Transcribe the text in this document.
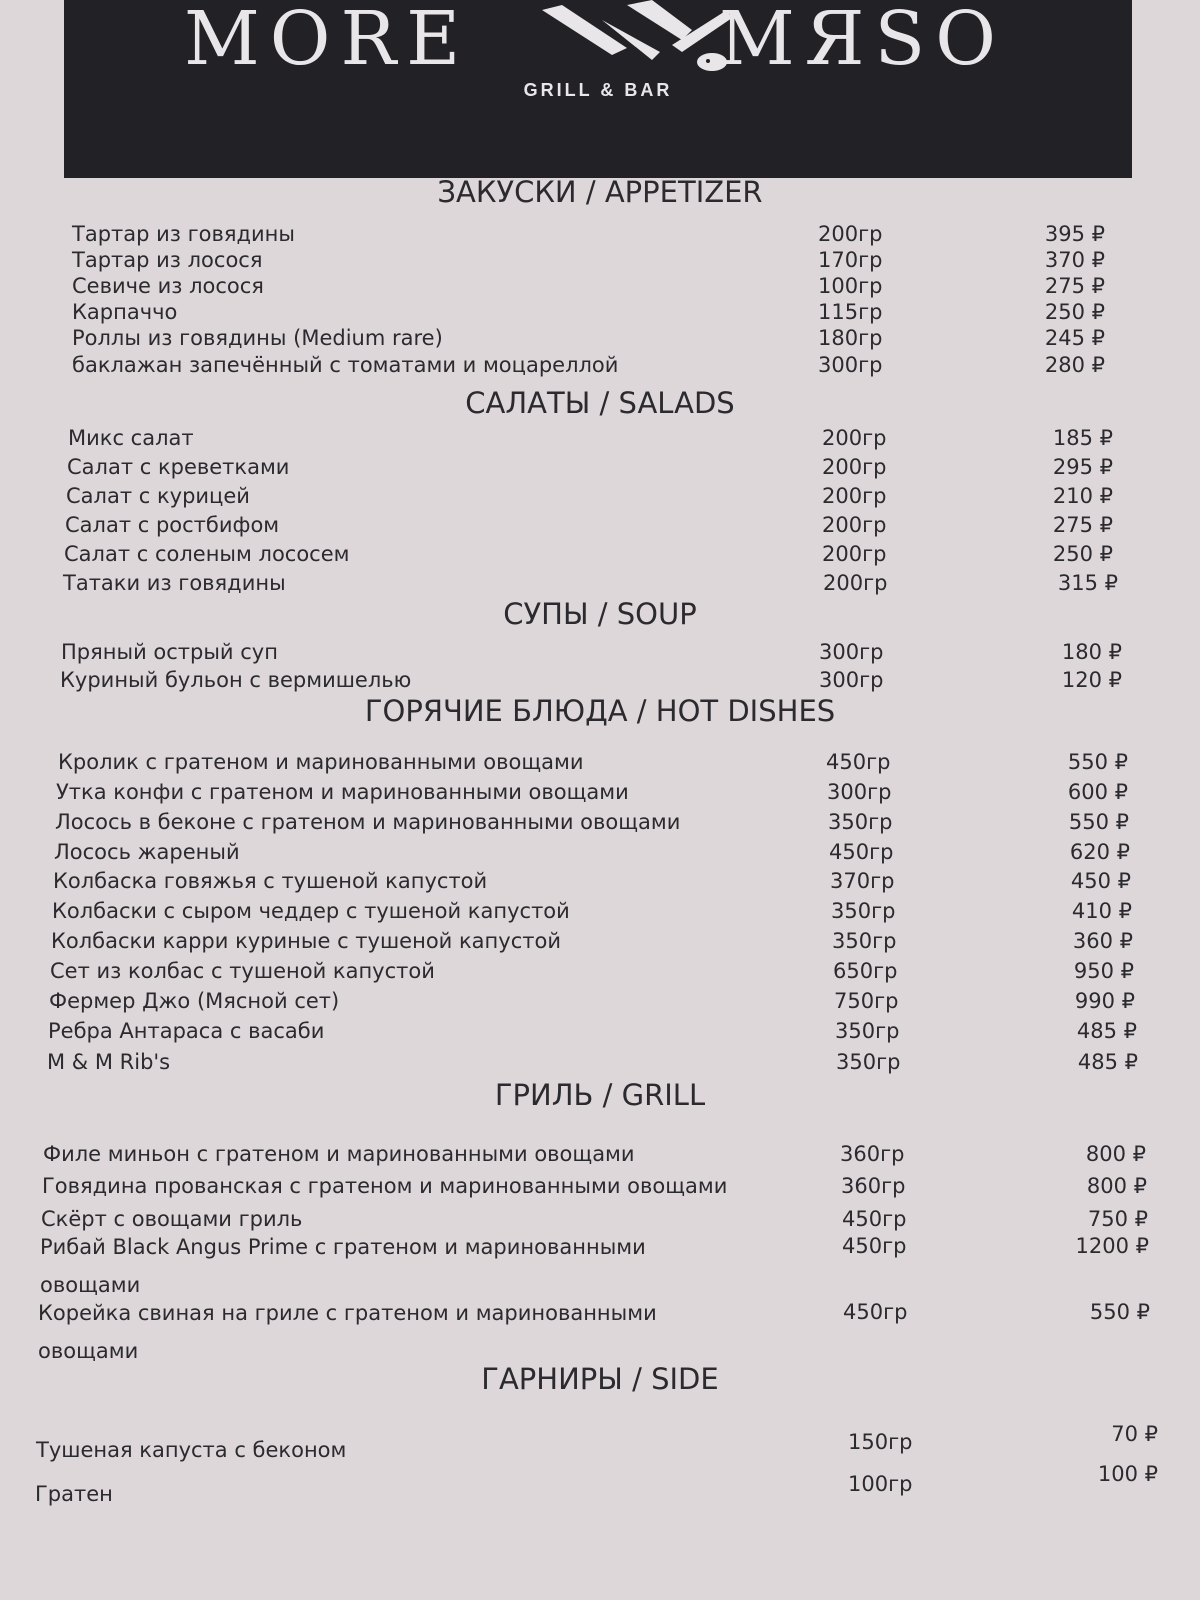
MORE	MЯSO
GRILL & BAR
ЗАКУСКИ / APPETIZER
Тартар из говядины	200гр	395 ₽
Тартар из лосося	170гр	370 ₽
Севиче из лосося	100гр	275 ₽
Карпаччо	115гр	250 ₽
Роллы из говядины (Medium rare)	180гр	245 ₽
баклажан запечённый с томатами и моцареллой	300гр	280 ₽
САЛАТЫ / SALADS
Микс салат	200гр	185 ₽
Салат с креветками	200гр	295 ₽
Салат с курицей	200гр	210 ₽
Салат с ростбифом	200гр	275 ₽
Салат с соленым лососем	200гр	250 ₽
Татаки из говядины	200гр	315 ₽
СУПЫ / SOUP
Пряный острый суп	300гр	180 ₽
Куриный бульон с вермишелью	300гр	120 ₽
ГОРЯЧИЕ БЛЮДА / HOT DISHES
Кролик с гратеном и маринованными овощами	450гр	550 ₽
Утка конфи с гратеном и маринованными овощами	300гр	600 ₽
Лосось в беконе с гратеном и маринованными овощами	350гр	550 ₽
Лосось жареный	450гр	620 ₽
Колбаска говяжья с тушеной капустой	370гр	450 ₽
Колбаски с сыром чеддер с тушеной капустой	350гр	410 ₽
Колбаски карри куриные с тушеной капустой	350гр	360 ₽
Сет из колбас с тушеной капустой	650гр	950 ₽
Фермер Джо (Мясной сет)	750гр	990 ₽
Ребра Антараса с васаби	350гр	485 ₽
M & M Rib's	350гр	485 ₽
ГРИЛЬ / GRILL
Филе миньон с гратеном и маринованными овощами	360гр	800 ₽
Говядина прованская с гратеном и маринованными овощами	360гр	800 ₽
Скёрт с овощами гриль	450гр	750 ₽
Рибай Black Angus Prime с гратеном и маринованными овощами
450гр	1200 ₽
Корейка свиная на гриле с гратеном и маринованными овощами
450гр	550 ₽
ГАРНИРЫ / SIDE
Тушеная капуста с беконом	150гр	70 ₽
Гратен	100гр	100 ₽
